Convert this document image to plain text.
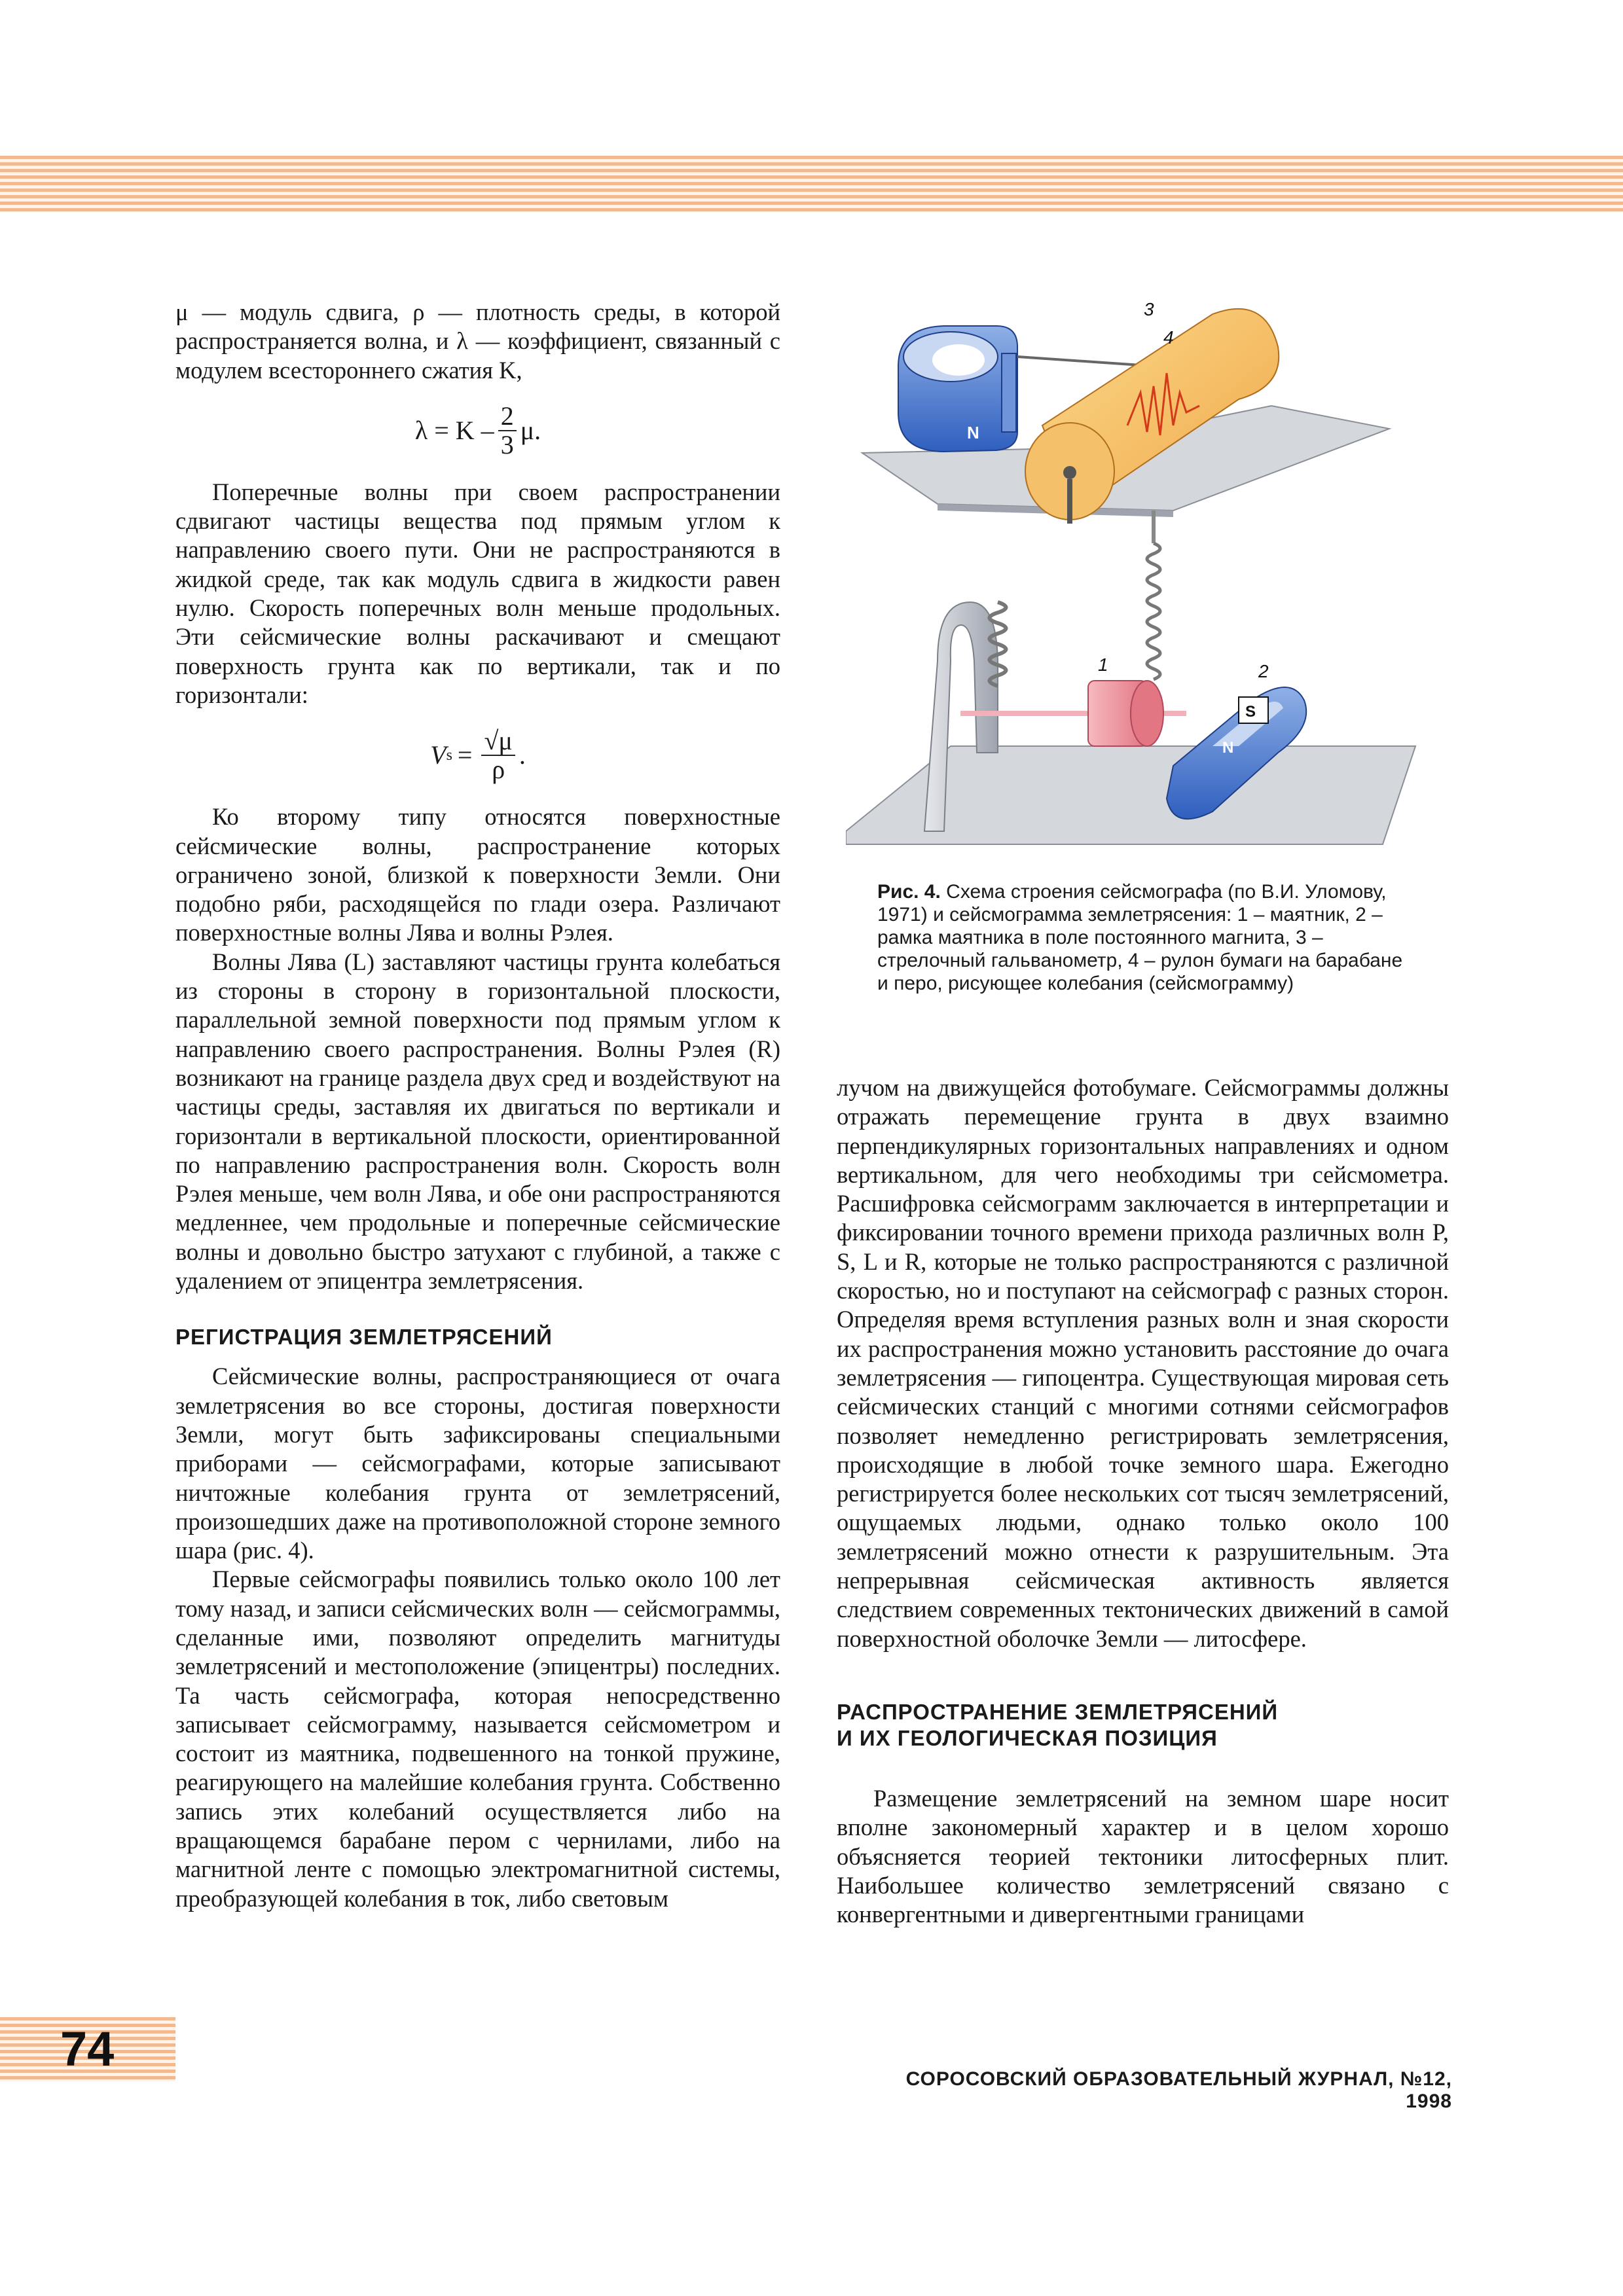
μ — модуль сдвига, ρ — плотность среды, в которой распространяется волна, и λ — коэффициент, связанный с модулем всестороннего сжатия K,

$\lambda = K - \frac{2}{3} \mu$.

Поперечные волны при своем распространении сдвигают частицы вещества под прямым углом к направлению своего пути. Они не распространяются в жидкой среде, так как модуль сдвига в жидкости равен нулю. Скорость поперечных волн меньше продольных. Эти сейсмические волны раскачивают и смещают поверхность грунта как по вертикали, так и по горизонтали:

V $s = \frac{√\mu}{\rho}$ .

Ко второму типу относятся поверхностные сейсмические волны, распространение которых ограничено зоной, близкой к поверхности Земли. Они подобно ряби, расходящейся по глади озера. Различают поверхностные волны Лява и волны Рэлея.

Волны Лява (L) заставляют частицы грунта колебаться из стороны в сторону в горизонтальной плоскости, параллельной земной поверхности под прямым углом к направлению своего распространения. Волны Рэлея (R) возникают на границе раздела двух сред и воздействуют на частицы среды, заставляя их двигаться по вертикали и горизонтали в вертикальной плоскости, ориентированной по направлению распространения волн. Скорость волн Рэлея меньше, чем волн Лява, и обе они распространяются медленнее, чем продольные и поперечные сейсмические волны и довольно быстро затухают с глубиной, а также с удалением от эпицентра землетрясения.

РЕГИСТРАЦИЯ ЗЕМЛЕТРЯСЕНИЙ

Сейсмические волны, распространяющиеся от очага землетрясения во все стороны, достигая поверхности Земли, могут быть зафиксированы специальными приборами — сейсмографами, которые записывают ничтожные колебания грунта от землетрясений, произошедших даже на противоположной стороне земного шара (рис. 4).

Первые сейсмографы появились только около 100 лет тому назад, и записи сейсмических волн — сейсмограммы, сделанные ими, позволяют определить магнитуды землетрясений и местоположение (эпицентры) последних. Та часть сейсмографа, которая непосредственно записывает сейсмограмму, называется сейсмометром и состоит из маятника, подвешенного на тонкой пружине, реагирующего на малейшие колебания грунта. Собственно запись этих колебаний осуществляется либо на вращающемся барабане пером с чернилами, либо на магнитной ленте с помощью электромагнитной системы, преобразующей колебания в ток, либо световым

N
4
3
1
S
N
2
Рис. 4. Схема строения сейсмографа (по В.И. Уломову, 1971) и сейсмограмма землетрясения: 1 – маятник, 2 – рамка маятника в поле постоянного магнита, 3 – стрелочный гальванометр, 4 – рулон бумаги на барабане и перо, рисующее колебания (сейсмограмму)

лучом на движущейся фотобумаге. Сейсмограммы должны отражать перемещение грунта в двух взаимно перпендикулярных горизонтальных направлениях и одном вертикальном, для чего необходимы три сейсмометра. Расшифровка сейсмограмм заключается в интерпретации и фиксировании точного времени прихода различных волн P, S, L и R, которые не только распространяются с различной скоростью, но и поступают на сейсмограф с разных сторон. Определяя время вступления разных волн и зная скорости их распространения можно установить расстояние до очага землетрясения — гипоцентра. Существующая мировая сеть сейсмических станций с многими сотнями сейсмографов позволяет немедленно регистрировать землетрясения, происходящие в любой точке земного шара. Ежегодно регистрируется более нескольких сот тысяч землетрясений, ощущаемых людьми, однако только около 100 землетрясений можно отнести к разрушительным. Эта непрерывная сейсмическая активность является следствием современных тектонических движений в самой поверхностной оболочке Земли — литосфере.

РАСПРОСТРАНЕНИЕ ЗЕМЛЕТРЯСЕНИЙ
И ИХ ГЕОЛОГИЧЕСКАЯ ПОЗИЦИЯ

Размещение землетрясений на земном шаре носит вполне закономерный характер и в целом хорошо объясняется теорией тектоники литосферных плит. Наибольшее количество землетрясений связано с конвергентными и дивергентными границами

74
СОРОСОВСКИЙ ОБРАЗОВАТЕЛЬНЫЙ ЖУРНАЛ, №12, 1998
